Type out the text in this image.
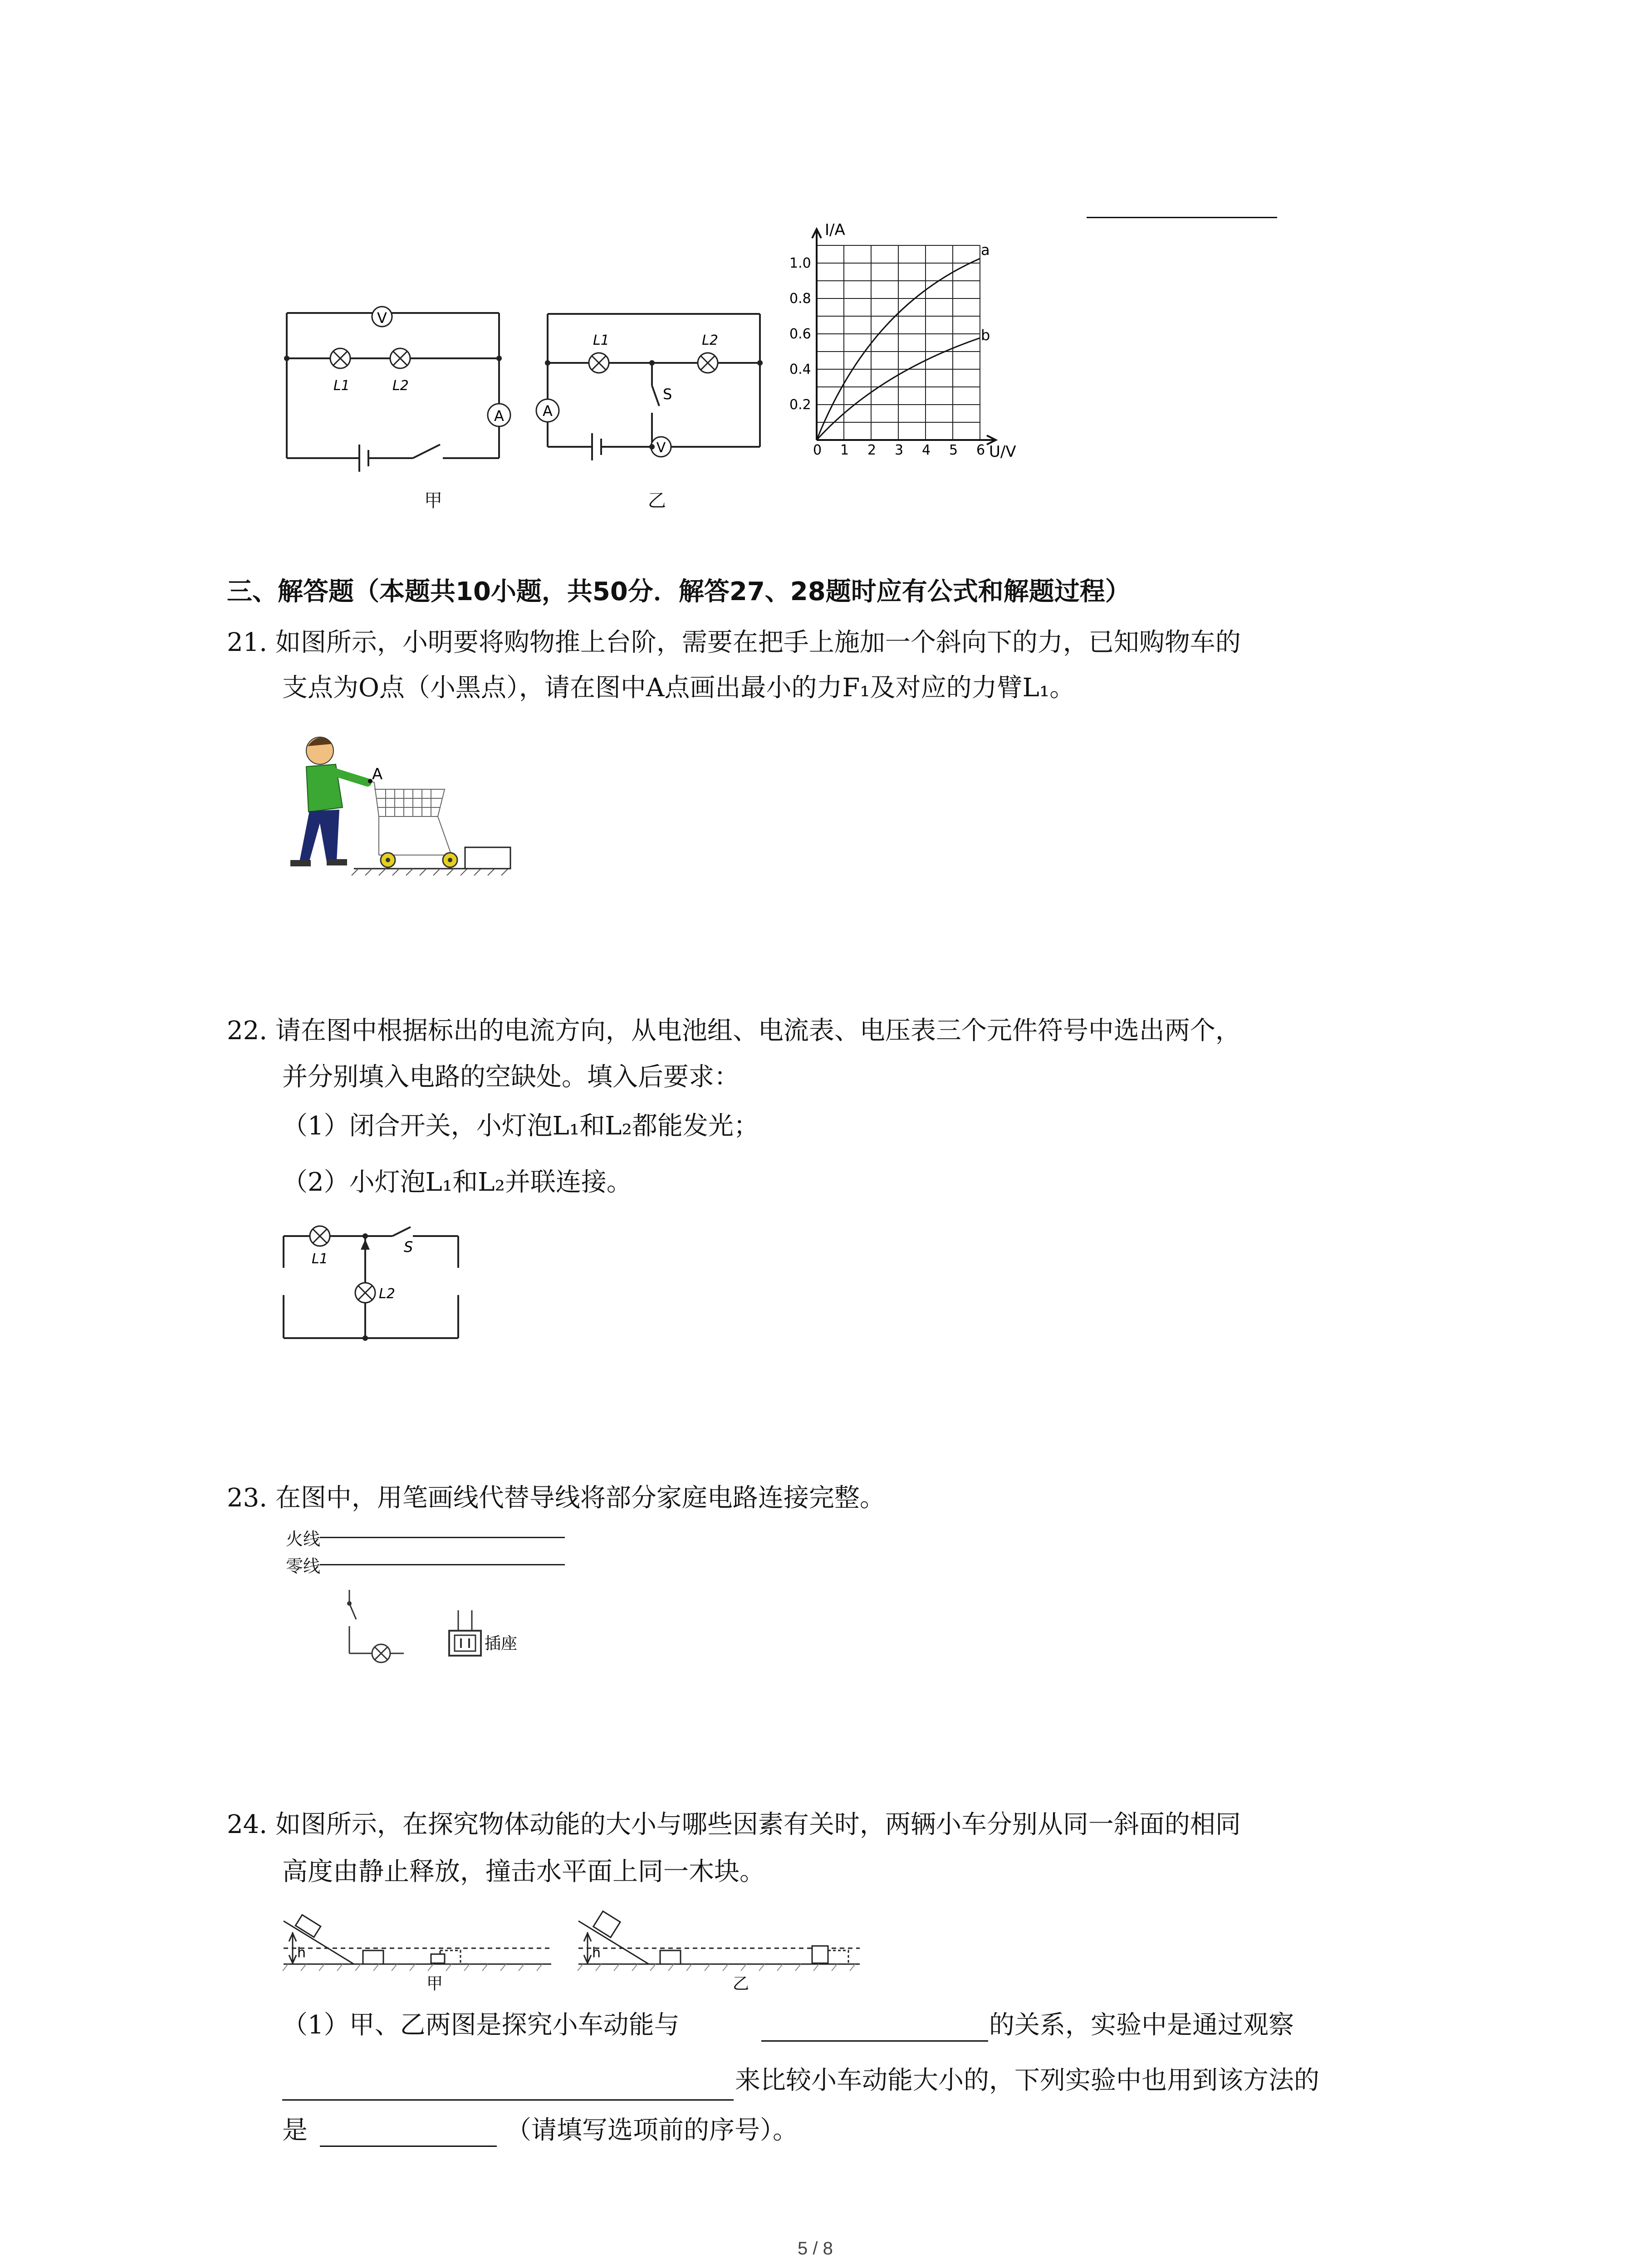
V
A
L1	L2
L1	L2
A
V
S
0 1 2 3 4 5 6
0.2
0.4
0.6
0.8
1.0
I/A
U/V
a
b
甲	乙
三、解答题（本题共10小题，共50分．解答27、28题时应有公式和解题过程）
21. 如图所示，小明要将购物推上台阶，需要在把手上施加一个斜向下的力，已知购物车的
支点为O点（小黑点），请在图中A点画出最小的力F₁及对应的力臂L₁。
A
22. 请在图中根据标出的电流方向，从电池组、电流表、电压表三个元件符号中选出两个，
并分别填入电路的空缺处。填入后要求：
（1）闭合开关，小灯泡L₁和L₂都能发光；
（2）小灯泡L₁和L₂并联连接。
L1
L2
S
23. 在图中，用笔画线代替导线将部分家庭电路连接完整。
火线
零线
插座
24. 如图所示，在探究物体动能的大小与哪些因素有关时，两辆小车分别从同一斜面的相同
高度由静止释放，撞击水平面上同一木块。
h	h
甲	乙
（1）甲、乙两图是探究小车动能与	的关系，实验中是通过观察
来比较小车动能大小的，下列实验中也用到该方法的
是	（请填写选项前的序号）。
5 / 8
